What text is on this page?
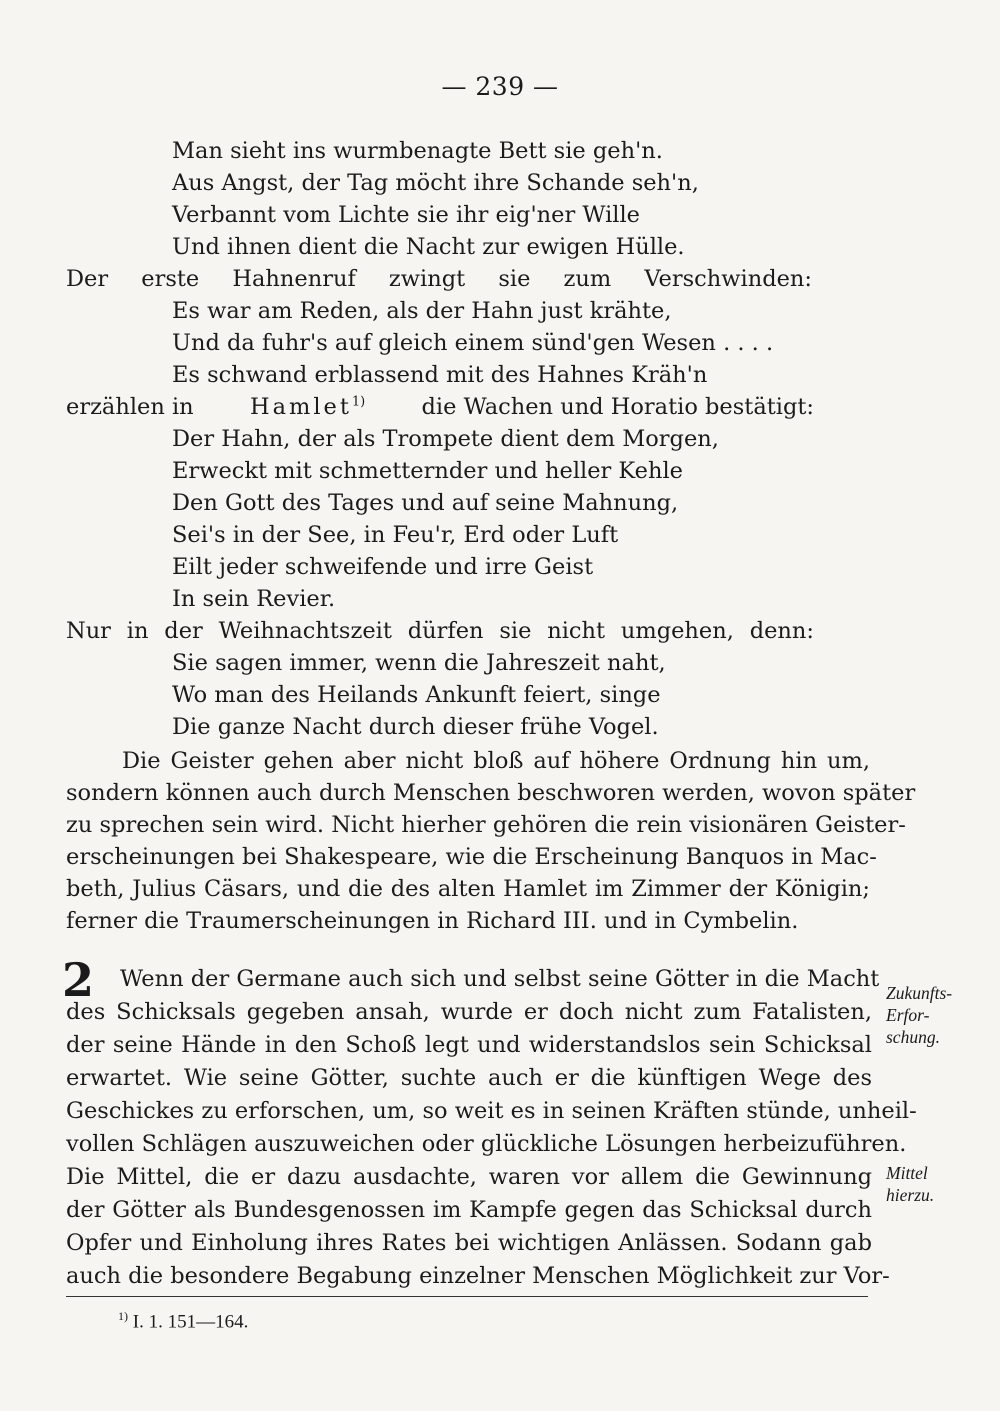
— 239 —
Man sieht ins wurmbenagte Bett sie geh'n.
Aus Angst, der Tag möcht ihre Schande seh'n,
Verbannt vom Lichte sie ihr eig'ner Wille
Und ihnen dient die Nacht zur ewigen Hülle.
Der erste Hahnenruf zwingt sie zum Verschwinden:
Es war am Reden, als der Hahn just krähte,
Und da fuhr's auf gleich einem sünd'gen Wesen . . . .
Es schwand erblassend mit des Hahnes Kräh'n
erzählen in	Hamlet$^{1)}$	die Wachen und Horatio bestätigt:
Der Hahn, der als Trompete dient dem Morgen,
Erweckt mit schmetternder und heller Kehle
Den Gott des Tages und auf seine Mahnung,
Sei's in der See, in Feu'r, Erd oder Luft
Eilt jeder schweifende und irre Geist
In sein Revier.
Nur in der Weihnachtszeit dürfen sie nicht umgehen, denn:
Sie sagen immer, wenn die Jahreszeit naht,
Wo man des Heilands Ankunft feiert, singe
Die ganze Nacht durch dieser frühe Vogel.
Die Geister gehen aber nicht bloß auf höhere Ordnung hin um,
sondern können auch durch Menschen beschworen werden, wovon später
zu sprechen sein wird. Nicht hierher gehören die rein visionären Geister-
erscheinungen bei Shakespeare, wie die Erscheinung Banquos in Mac-
beth, Julius Cäsars, und die des alten Hamlet im Zimmer der Königin;
ferner die Traumerscheinungen in Richard III. und in Cymbelin.
2 Wenn der Germane auch sich und selbst seine Götter in die Macht
des Schicksals gegeben ansah, wurde er doch nicht zum Fatalisten,
der seine Hände in den Schoß legt und widerstandslos sein Schicksal
erwartet. Wie seine Götter, suchte auch er die künftigen Wege des
Geschickes zu erforschen, um, so weit es in seinen Kräften stünde, unheil-
vollen Schlägen auszuweichen oder glückliche Lösungen herbeizuführen.
Die Mittel, die er dazu ausdachte, waren vor allem die Gewinnung
der Götter als Bundesgenossen im Kampfe gegen das Schicksal durch
Opfer und Einholung ihres Rates bei wichtigen Anlässen. Sodann gab
auch die besondere Begabung einzelner Menschen Möglichkeit zur Vor-
Zukunfts-
Erfor-
schung.
Mittel
hierzu.
$^{1)}$ I. 1. 151—164.
